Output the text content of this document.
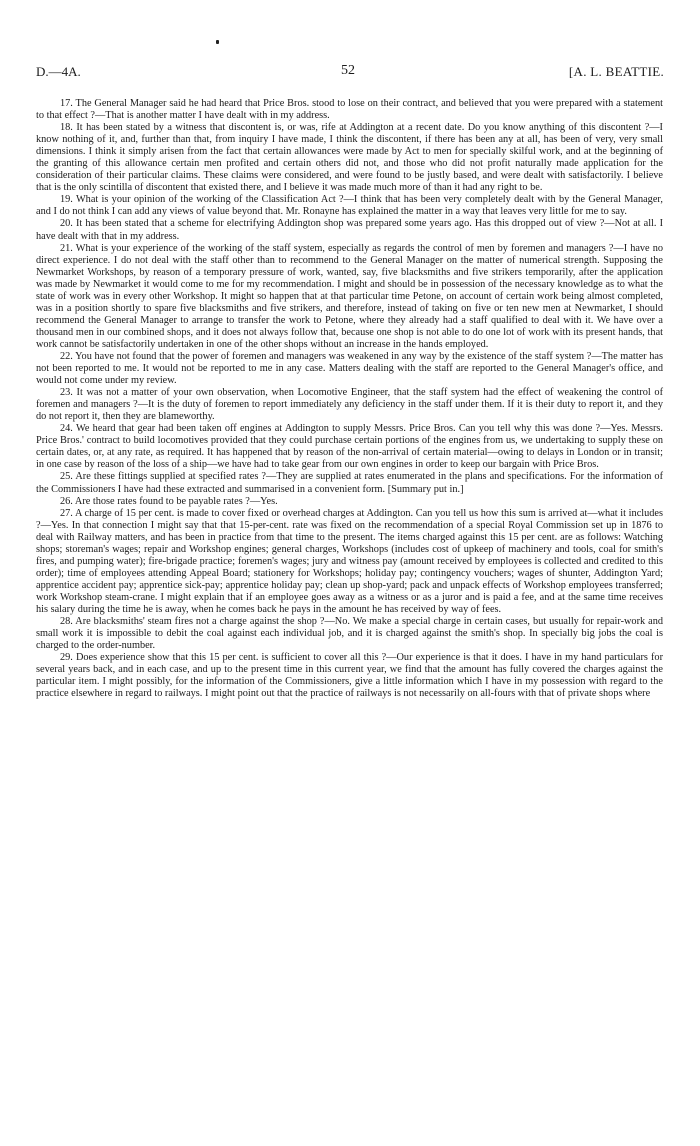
D.—4A.	52	[A. L. BEATTIE.

17. The General Manager said he had heard that Price Bros. stood to lose on their contract, and believed that you were prepared with a statement to that effect ?—That is another matter I have dealt with in my address.

18. It has been stated by a witness that discontent is, or was, rife at Addington at a recent date. Do you know anything of this discontent ?—I know nothing of it, and, further than that, from inquiry I have made, I think the discontent, if there has been any at all, has been of very, very small dimensions. I think it simply arisen from the fact that certain allowances were made by Act to men for specially skilful work, and at the beginning of the granting of this allowance certain men profited and certain others did not, and those who did not profit naturally made application for the consideration of their particular claims. These claims were considered, and were found to be justly based, and were dealt with satisfactorily. I believe that is the only scintilla of discontent that existed there, and I believe it was made much more of than it had any right to be.

19. What is your opinion of the working of the Classification Act ?—I think that has been very completely dealt with by the General Manager, and I do not think I can add any views of value beyond that. Mr. Ronayne has explained the matter in a way that leaves very little for me to say.

20. It has been stated that a scheme for electrifying Addington shop was prepared some years ago. Has this dropped out of view ?—Not at all. I have dealt with that in my address.

21. What is your experience of the working of the staff system, especially as regards the control of men by foremen and managers ?—I have no direct experience. I do not deal with the staff other than to recommend to the General Manager on the matter of numerical strength. Supposing the Newmarket Workshops, by reason of a temporary pressure of work, wanted, say, five blacksmiths and five strikers temporarily, after the application was made by Newmarket it would come to me for my recommendation. I might and should be in possession of the necessary knowledge as to what the state of work was in every other Workshop. It might so happen that at that particular time Petone, on account of certain work being almost completed, was in a position shortly to spare five blacksmiths and five strikers, and therefore, instead of taking on five or ten new men at Newmarket, I should recommend the General Manager to arrange to transfer the work to Petone, where they already had a staff qualified to deal with it. We have over a thousand men in our combined shops, and it does not always follow that, because one shop is not able to do one lot of work with its present hands, that work cannot be satisfactorily undertaken in one of the other shops without an increase in the hands employed.

22. You have not found that the power of foremen and managers was weakened in any way by the existence of the staff system ?—The matter has not been reported to me. It would not be reported to me in any case. Matters dealing with the staff are reported to the General Manager's office, and would not come under my review.

23. It was not a matter of your own observation, when Locomotive Engineer, that the staff system had the effect of weakening the control of foremen and managers ?—It is the duty of foremen to report immediately any deficiency in the staff under them. If it is their duty to report it, and they do not report it, then they are blameworthy.

24. We heard that gear had been taken off engines at Addington to supply Messrs. Price Bros. Can you tell why this was done ?—Yes. Messrs. Price Bros.' contract to build locomotives provided that they could purchase certain portions of the engines from us, we undertaking to supply these on certain dates, or, at any rate, as required. It has happened that by reason of the non-arrival of certain material—owing to delays in London or in transit; in one case by reason of the loss of a ship—we have had to take gear from our own engines in order to keep our bargain with Price Bros.

25. Are these fittings supplied at specified rates ?—They are supplied at rates enumerated in the plans and specifications. For the information of the Commissioners I have had these extracted and summarised in a convenient form. [Summary put in.]

26. Are those rates found to be payable rates ?—Yes.

27. A charge of 15 per cent. is made to cover fixed or overhead charges at Addington. Can you tell us how this sum is arrived at—what it includes ?—Yes. In that connection I might say that that 15-per-cent. rate was fixed on the recommendation of a special Royal Commission set up in 1876 to deal with Railway matters, and has been in practice from that time to the present. The items charged against this 15 per cent. are as follows: Watching shops; storeman's wages; repair and Workshop engines; general charges, Workshops (includes cost of upkeep of machinery and tools, coal for smith's fires, and pumping water); fire-brigade practice; foremen's wages; jury and witness pay (amount received by employees is collected and credited to this order); time of employees attending Appeal Board; stationery for Workshops; holiday pay; contingency vouchers; wages of shunter, Addington Yard; apprentice accident pay; apprentice sick-pay; apprentice holiday pay; clean up shop-yard; pack and unpack effects of Workshop employees transferred; work Workshop steam-crane. I might explain that if an employee goes away as a witness or as a juror and is paid a fee, and at the same time receives his salary during the time he is away, when he comes back he pays in the amount he has received by way of fees.

28. Are blacksmiths' steam fires not a charge against the shop ?—No. We make a special charge in certain cases, but usually for repair-work and small work it is impossible to debit the coal against each individual job, and it is charged against the smith's shop. In specially big jobs the coal is charged to the order-number.

29. Does experience show that this 15 per cent. is sufficient to cover all this ?—Our experience is that it does. I have in my hand particulars for several years back, and in each case, and up to the present time in this current year, we find that the amount has fully covered the charges against the particular item. I might possibly, for the information of the Commissioners, give a little information which I have in my possession with regard to the practice elsewhere in regard to railways. I might point out that the practice of railways is not necessarily on all-fours with that of private shops where
